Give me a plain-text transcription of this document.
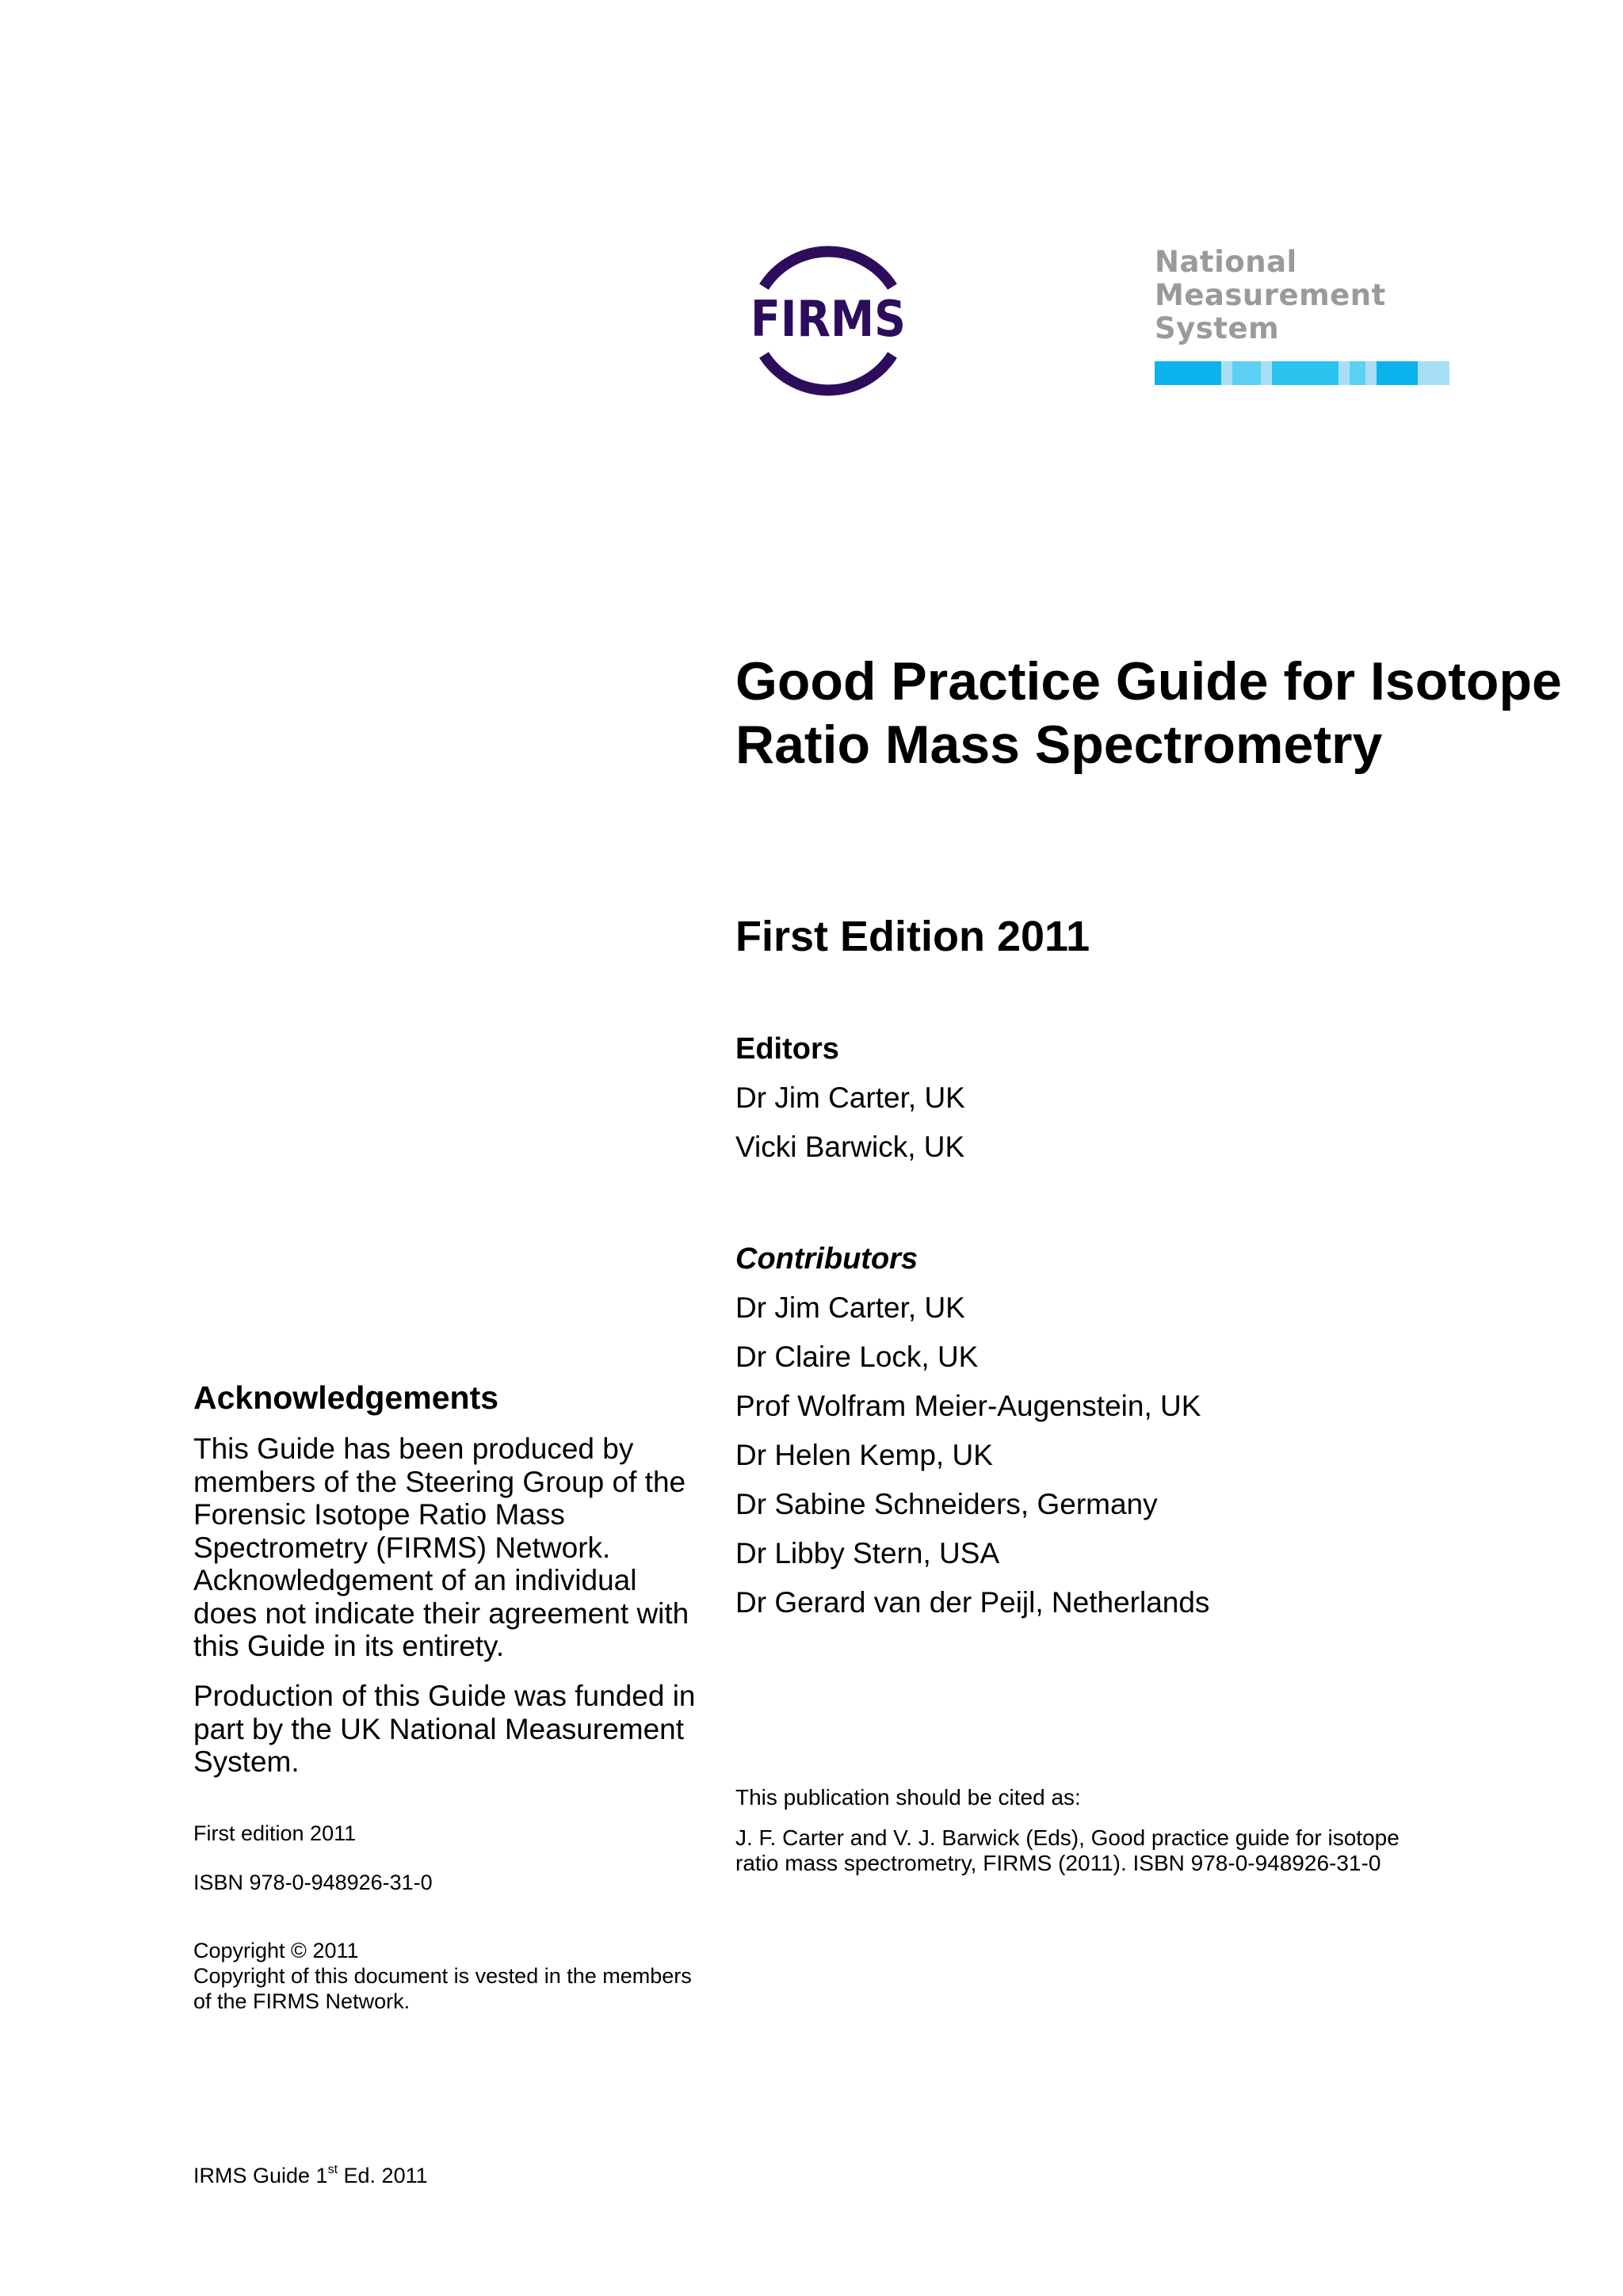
FIRMS
National
Measurement
System
Good Practice Guide for Isotope Ratio Mass Spectrometry
First Edition 2011
Editors
Dr Jim Carter, UK
Vicki Barwick, UK
Contributors
Dr Jim Carter, UK
Dr Claire Lock, UK
Prof Wolfram Meier-Augenstein, UK
Dr Helen Kemp, UK
Dr Sabine Schneiders, Germany
Dr Libby Stern, USA
Dr Gerard van der Peijl, Netherlands
This publication should be cited as:
J. F. Carter and V. J. Barwick (Eds), Good practice guide for isotope ratio mass spectrometry, FIRMS (2011). ISBN 978-0-948926-31-0
Acknowledgements

This Guide has been produced by members of the Steering Group of the Forensic Isotope Ratio Mass Spectrometry (FIRMS) Network. Acknowledgement of an individual does not indicate their agreement with this Guide in its entirety.

Production of this Guide was funded in part by the UK National Measurement System.

First edition 2011
ISBN 978-0-948926-31-0
Copyright © 2011
Copyright of this document is vested in the members of the FIRMS Network.
IRMS Guide 1st Ed. 2011
